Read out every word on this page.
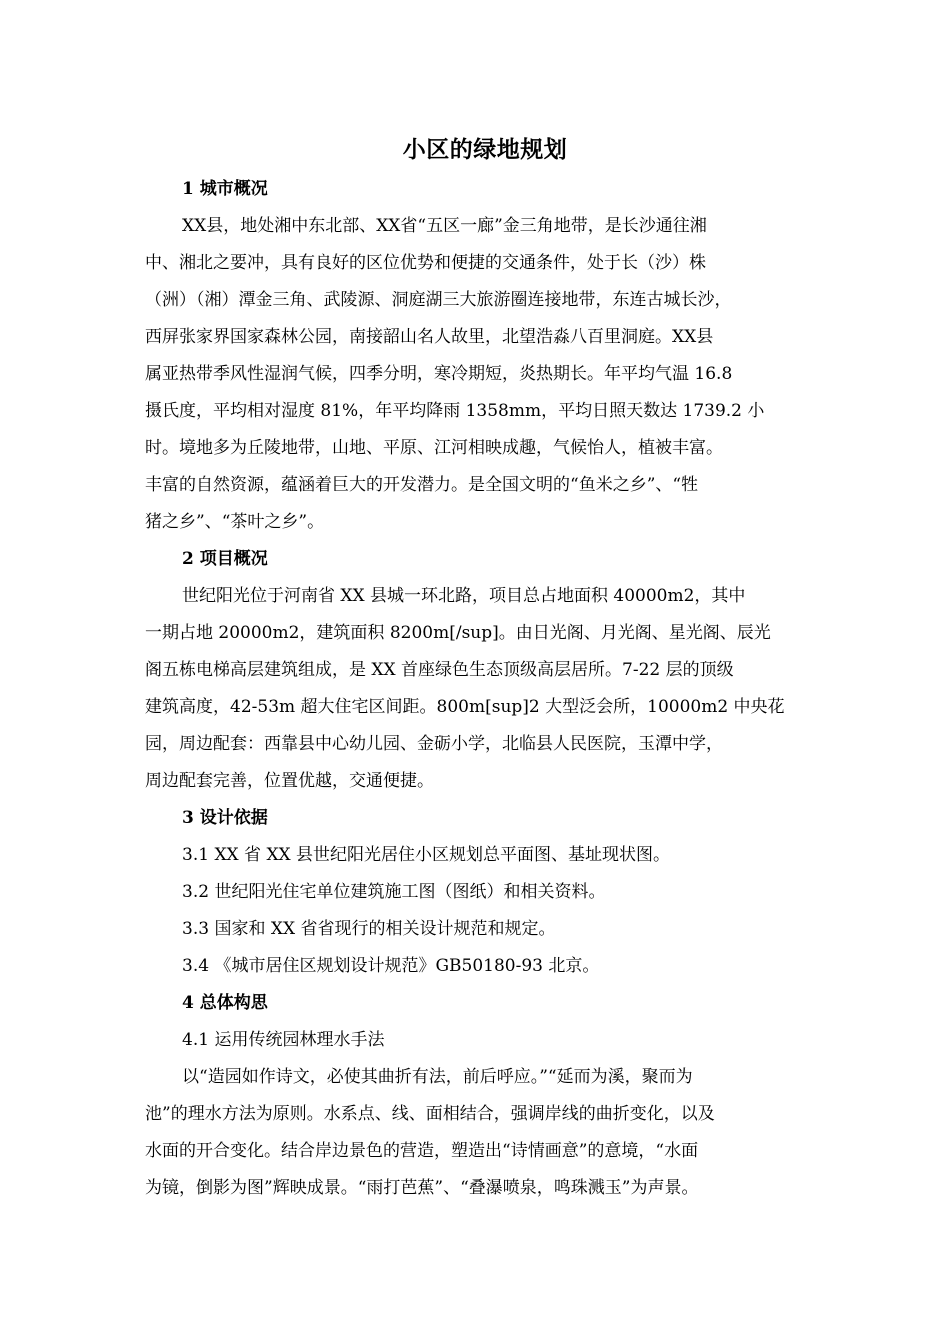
小区的绿地规划
1 城市概况
XX县，地处湘中东北部、XX省“五区一廊”金三角地带，是长沙通往湘
中、湘北之要冲，具有良好的区位优势和便捷的交通条件，处于长（沙）株
（洲）（湘）潭金三角、武陵源、洞庭湖三大旅游圈连接地带，东连古城长沙，
西屏张家界国家森林公园，南接韶山名人故里，北望浩淼八百里洞庭。XX县
属亚热带季风性湿润气候，四季分明，寒冷期短，炎热期长。年平均气温 16.8
摄氏度，平均相对湿度 81%，年平均降雨 1358mm，平均日照天数达 1739.2 小
时。境地多为丘陵地带，山地、平原、江河相映成趣，气候怡人，植被丰富。
丰富的自然资源，蕴涵着巨大的开发潜力。是全国文明的“鱼米之乡”、“牲
猪之乡”、“茶叶之乡”。
2 项目概况
世纪阳光位于河南省 XX 县城一环北路，项目总占地面积 40000m2，其中
一期占地 20000m2，建筑面积 8200m[/sup]。由日光阁、月光阁、星光阁、辰光
阁五栋电梯高层建筑组成，是 XX 首座绿色生态顶级高层居所。7-22 层的顶级
建筑高度，42-53m 超大住宅区间距。800m[sup]2 大型泛会所，10000m2 中央花
园，周边配套：西靠县中心幼儿园、金砺小学，北临县人民医院，玉潭中学，
周边配套完善，位置优越，交通便捷。
3 设计依据
3.1 XX 省 XX 县世纪阳光居住小区规划总平面图、基址现状图。
3.2 世纪阳光住宅单位建筑施工图（图纸）和相关资料。
3.3 国家和 XX 省省现行的相关设计规范和规定。
3.4 《城市居住区规划设计规范》GB50180-93 北京。
4 总体构思
4.1 运用传统园林理水手法
以“造园如作诗文，必使其曲折有法，前后呼应。”“延而为溪，聚而为
池”的理水方法为原则。水系点、线、面相结合，强调岸线的曲折变化，以及
水面的开合变化。结合岸边景色的营造，塑造出“诗情画意”的意境，“水面
为镜，倒影为图”辉映成景。“雨打芭蕉”、“叠瀑喷泉，鸣珠溅玉”为声景。
